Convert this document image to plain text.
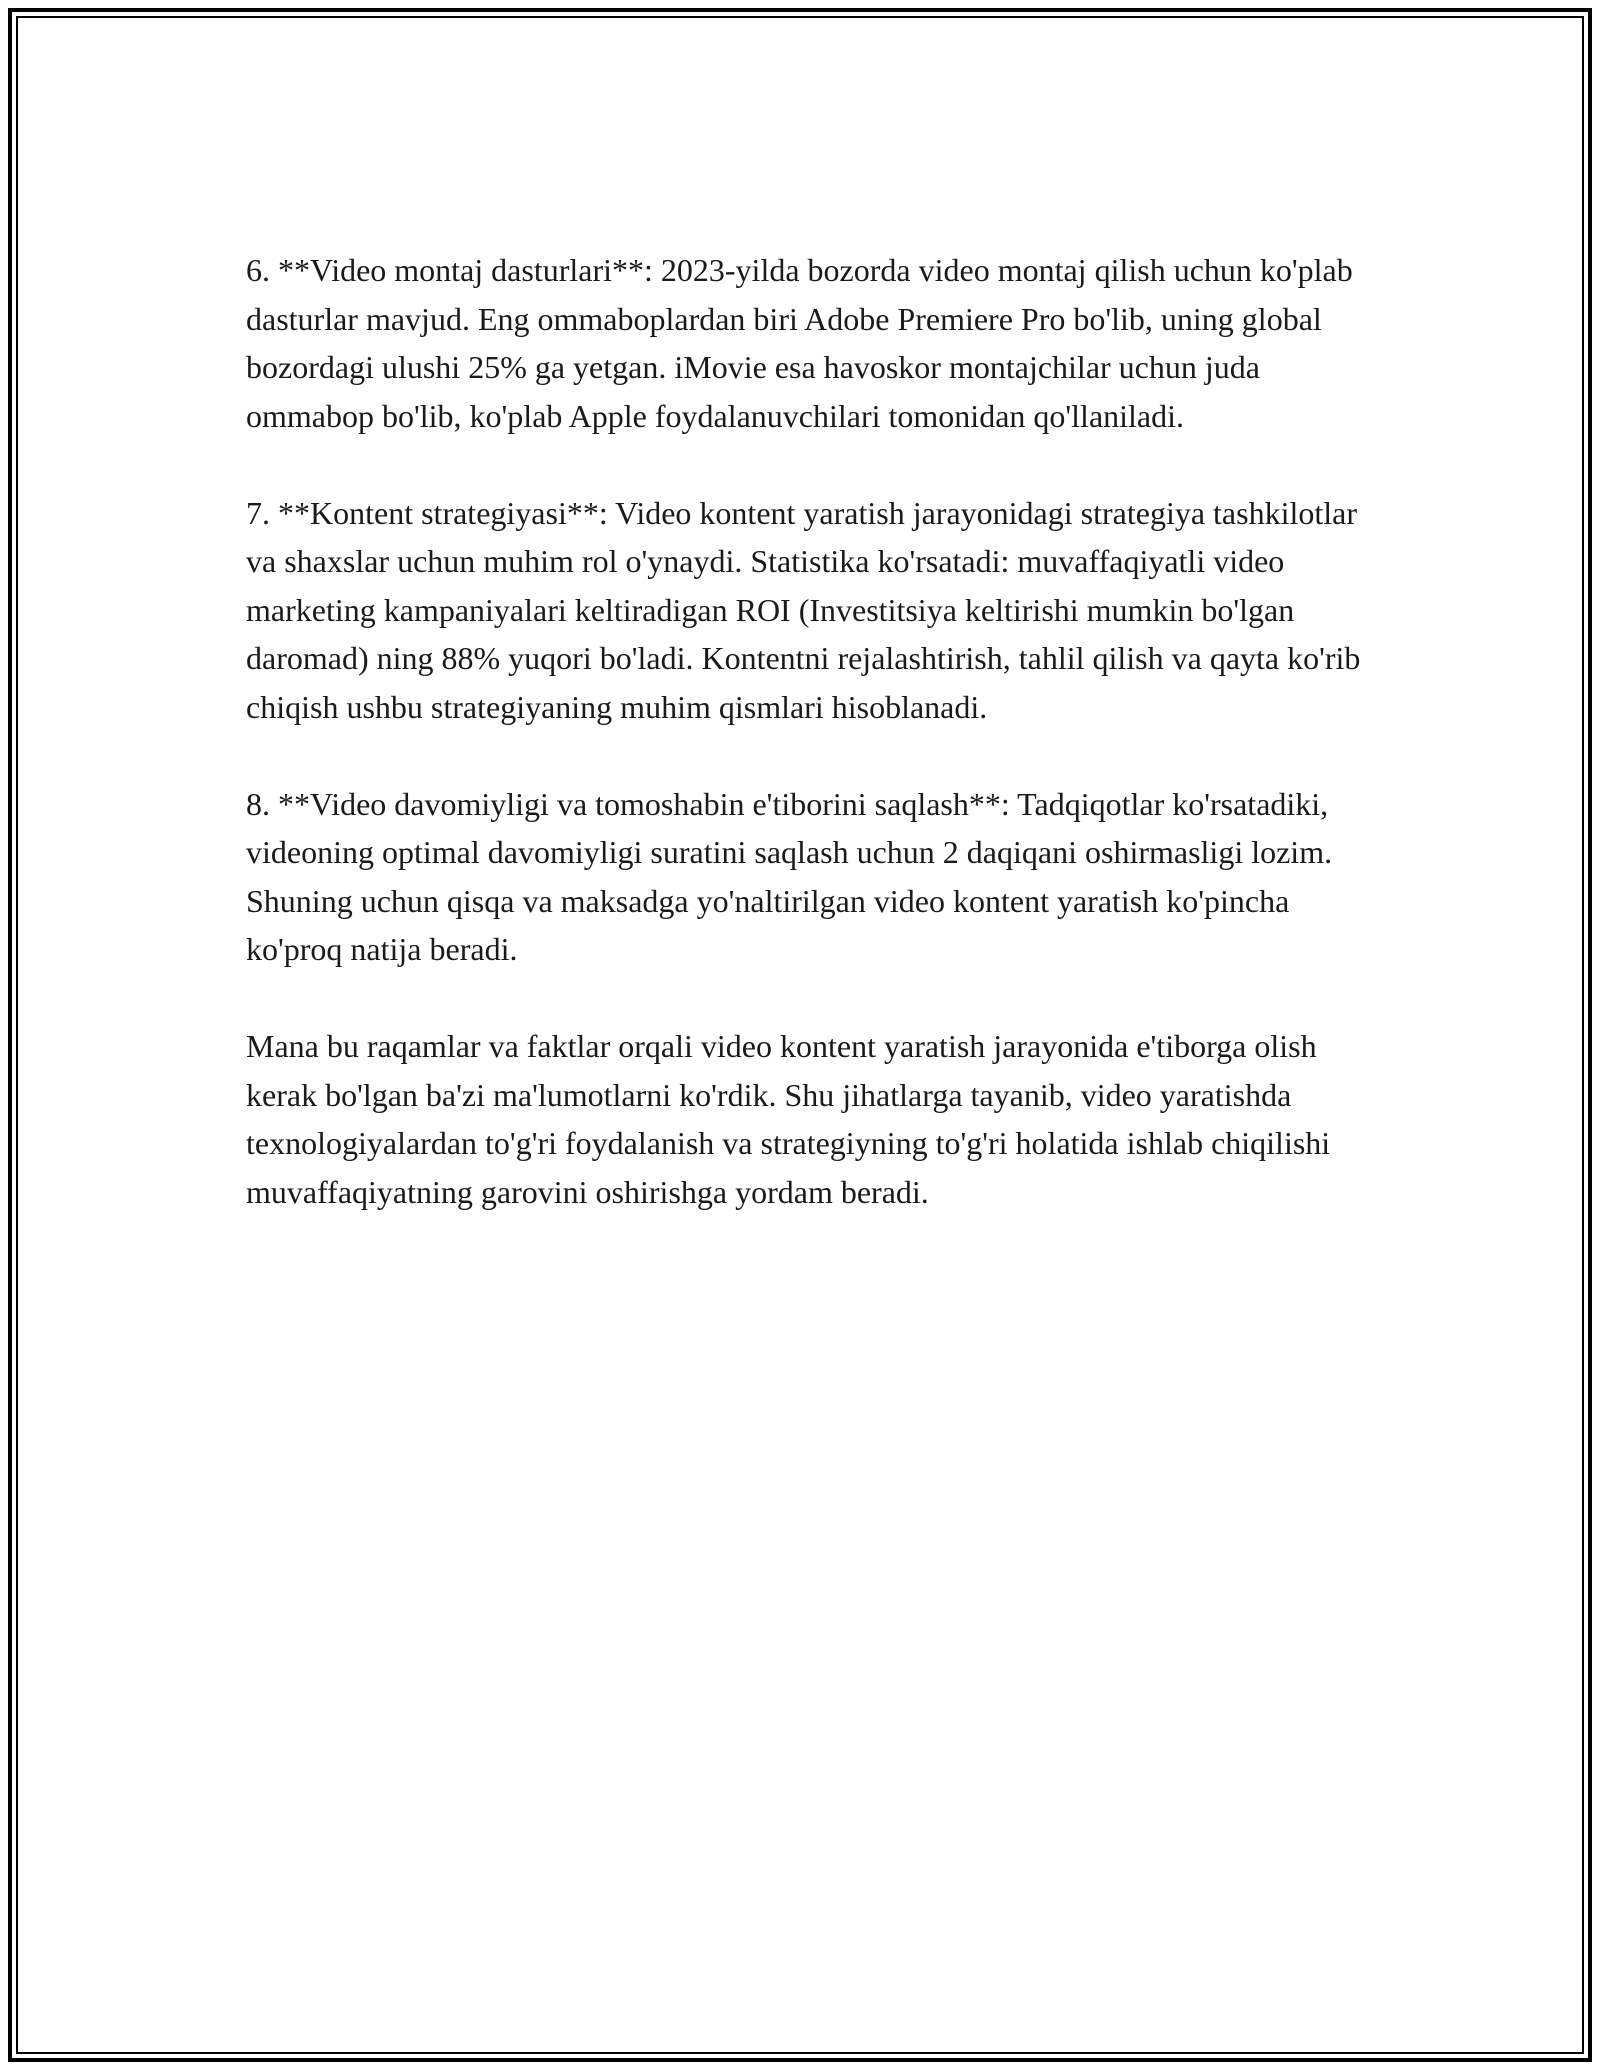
6. **Video montaj dasturlari**: 2023-yilda bozorda video montaj qilish uchun ko'plab dasturlar mavjud. Eng ommaboplardan biri Adobe Premiere Pro bo'lib, uning global bozordagi ulushi 25% ga yetgan. iMovie esa havoskor montajchilar uchun juda ommabop bo'lib, ko'plab Apple foydalanuvchilari tomonidan qo'llaniladi.

7. **Kontent strategiyasi**: Video kontent yaratish jarayonidagi strategiya tashkilotlar va shaxslar uchun muhim rol o'ynaydi. Statistika ko'rsatadi: muvaffaqiyatli video marketing kampaniyalari keltiradigan ROI (Investitsiya keltirishi mumkin bo'lgan daromad) ning 88% yuqori bo'ladi. Kontentni rejalashtirish, tahlil qilish va qayta ko'rib chiqish ushbu strategiyaning muhim qismlari hisoblanadi.

8. **Video davomiyligi va tomoshabin e'tiborini saqlash**: Tadqiqotlar ko'rsatadiki, videoning optimal davomiyligi suratini saqlash uchun 2 daqiqani oshirmasligi lozim. Shuning uchun qisqa va maksadga yo'naltirilgan video kontent yaratish ko'pincha ko'proq natija beradi.

Mana bu raqamlar va faktlar orqali video kontent yaratish jarayonida e'tiborga olish kerak bo'lgan ba'zi ma'lumotlarni ko'rdik. Shu jihatlarga tayanib, video yaratishda texnologiyalardan to'g'ri foydalanish va strategiyning to'g'ri holatida ishlab chiqilishi muvaffaqiyatning garovini oshirishga yordam beradi.
